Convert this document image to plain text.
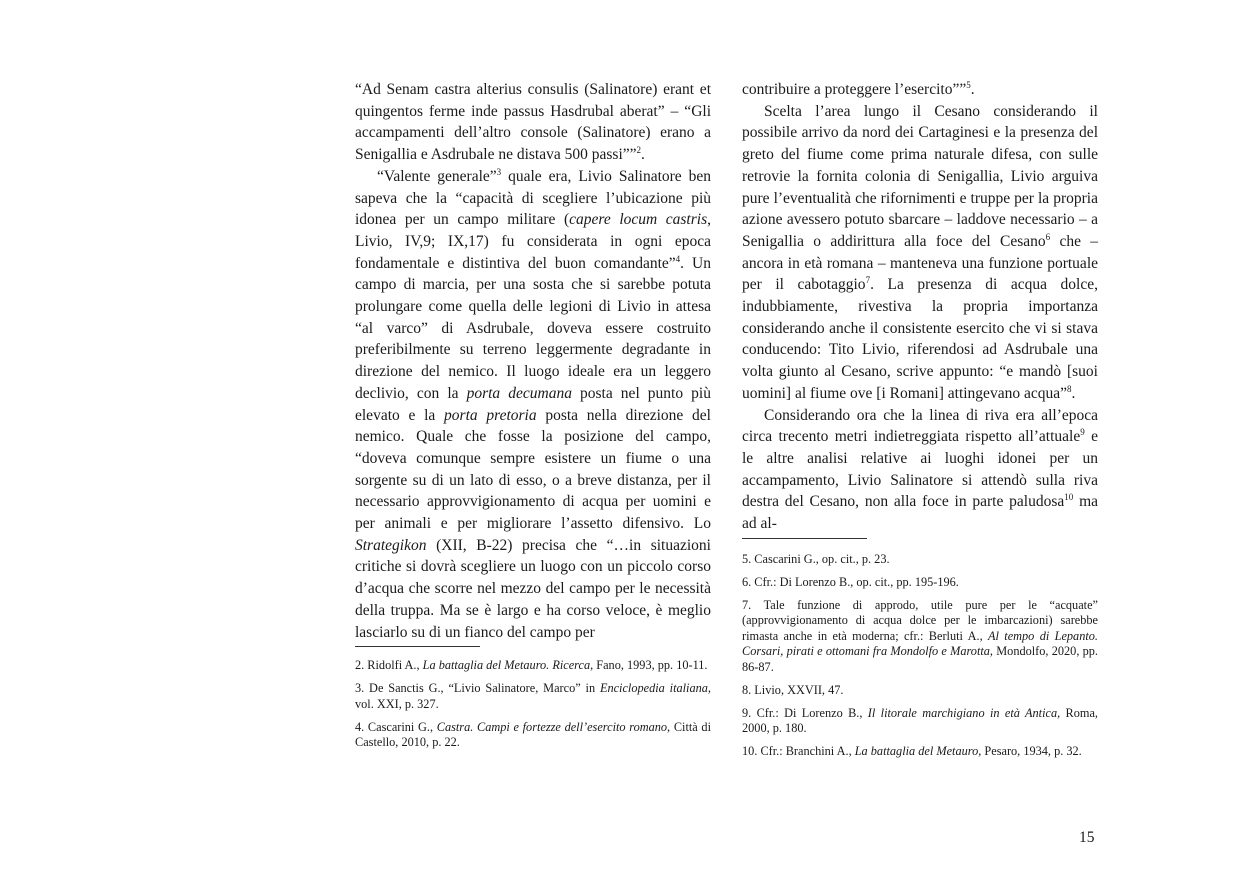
“Ad Senam castra alterius consulis (Salinatore) erant et quingentos ferme inde passus Hasdrubal aberat” – “Gli accampamenti dell’altro console (Salinatore) erano a Senigallia e Asdrubale ne distava 500 passi””$^2$.

“Valente generale”$^3$ quale era, Livio Salinatore ben sapeva che la “capacità di scegliere l’ubicazione più idonea per un campo militare (capere locum castris, Livio, IV,9; IX,17) fu considerata in ogni epoca fondamentale e distintiva del buon comandante”$^4$. Un campo di marcia, per una sosta che si sarebbe potuta prolungare come quella delle legioni di Livio in attesa “al varco” di Asdrubale, doveva essere costruito preferibilmente su terreno leggermente degradante in direzione del nemico. Il luogo ideale era un leggero declivio, con la porta decumana posta nel punto più elevato e la porta pretoria posta nella direzione del nemico. Quale che fosse la posizione del campo, “doveva comunque sempre esistere un fiume o una sorgente su di un lato di esso, o a breve distanza, per il necessario approvvigionamento di acqua per uomini e per animali e per migliorare l’assetto difensivo. Lo Strategikon (XII, B-22) precisa che “…in situazioni critiche si dovrà scegliere un luogo con un piccolo corso d’acqua che scorre nel mezzo del campo per le necessità della truppa. Ma se è largo e ha corso veloce, è meglio lasciarlo su di un fianco del campo per

contribuire a proteggere l’esercito””$^5$.

Scelta l’area lungo il Cesano considerando il possibile arrivo da nord dei Cartaginesi e la presenza del greto del fiume come prima naturale difesa, con sulle retrovie la fornita colonia di Senigallia, Livio arguiva pure l’eventualità che rifornimenti e truppe per la propria azione avessero potuto sbarcare – laddove necessario – a Senigallia o addirittura alla foce del Cesano$^6$ che – ancora in età romana – manteneva una funzione portuale per il cabotaggio$^7$. La presenza di acqua dolce, indubbiamente, rivestiva la propria importanza considerando anche il consistente esercito che vi si stava conducendo: Tito Livio, riferendosi ad Asdrubale una volta giunto al Cesano, scrive appunto: “e mandò [suoi uomini] al fiume ove [i Romani] attingevano acqua”$^8$.

Considerando ora che la linea di riva era all’epoca circa trecento metri indietreggiata rispetto all’attuale$^9$ e le altre analisi relative ai luoghi idonei per un accampamento, Livio Salinatore si attendò sulla riva destra del Cesano, non alla foce in parte paludosa$^{10}$ ma ad al-

2. Ridolfi A., La battaglia del Metauro. Ricerca, Fano, 1993, pp. 10-11.
3. De Sanctis G., “Livio Salinatore, Marco” in Enciclopedia italiana, vol. XXI, p. 327.
4. Cascarini G., Castra. Campi e fortezze dell’esercito romano, Città di Castello, 2010, p. 22.
5. Cascarini G., op. cit., p. 23.
6. Cfr.: Di Lorenzo B., op. cit., pp. 195-196.
7. Tale funzione di approdo, utile pure per le “acquate” (approvvigionamento di acqua dolce per le imbarcazioni) sarebbe rimasta anche in età moderna; cfr.: Berluti A., Al tempo di Lepanto. Corsari, pirati e ottomani fra Mondolfo e Marotta, Mondolfo, 2020, pp. 86-87.
8. Livio, XXVII, 47.
9. Cfr.: Di Lorenzo B., Il litorale marchigiano in età Antica, Roma, 2000, p. 180.
10. Cfr.: Branchini A., La battaglia del Metauro, Pesaro, 1934, p. 32.
15
